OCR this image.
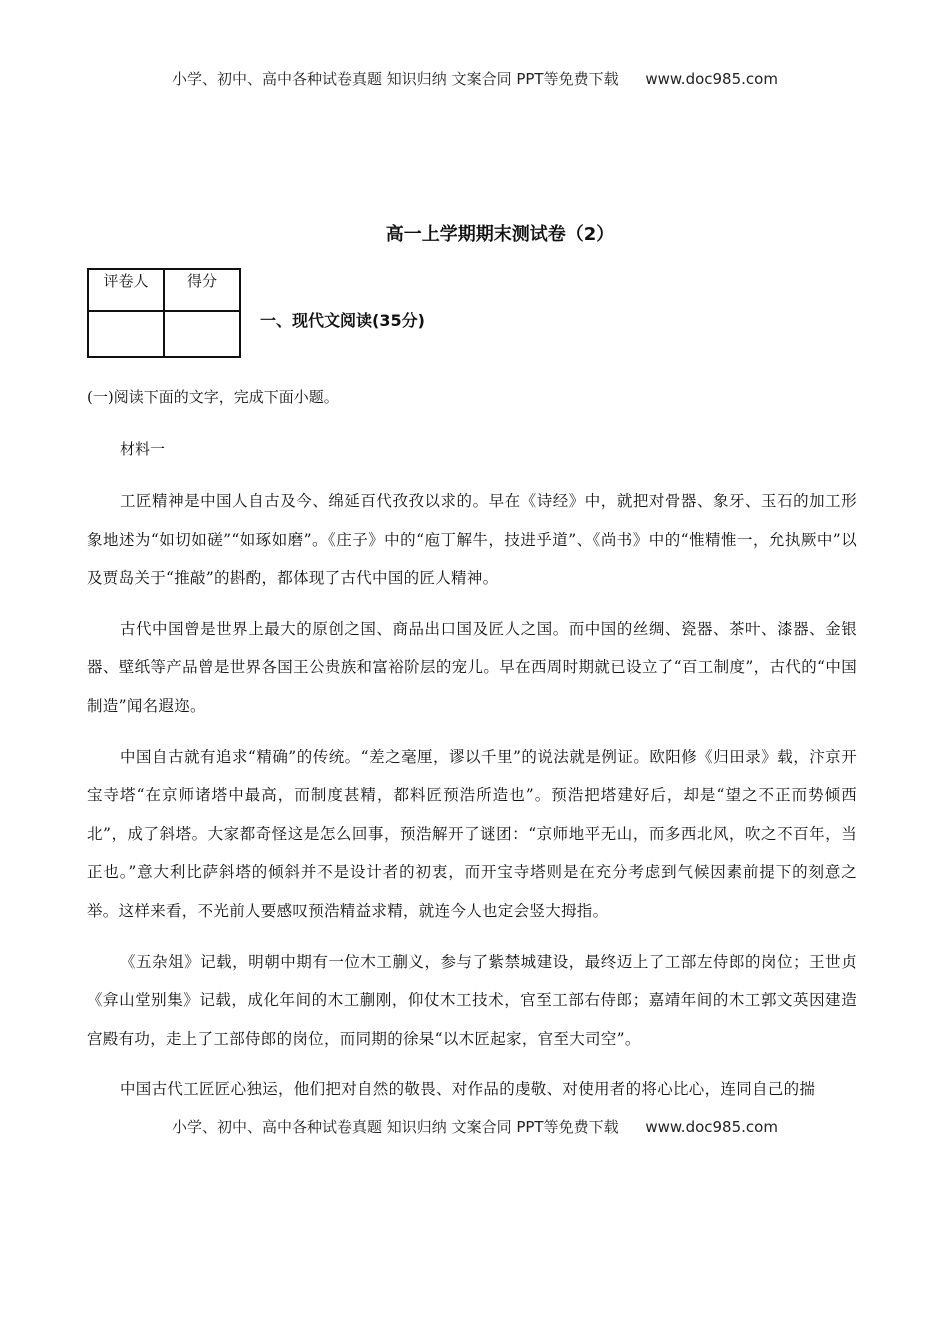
小学、初中、高中各种试卷真题 知识归纳 文案合同 PPT等免费下载 www.doc985.com
高一上学期期末测试卷（2）
评卷人	得分

一、现代文阅读(35分)
(一)阅读下面的文字，完成下面小题。
材料一

工匠精神是中国人自古及今、绵延百代孜孜以求的。早在《诗经》中，就把对骨器、象牙、玉石的加工形象地述为“如切如磋”“如琢如磨”。《庄子》中的“庖丁解牛，技进乎道”、《尚书》中的“惟精惟一，允执厥中”以及贾岛关于“推敲”的斟酌，都体现了古代中国的匠人精神。

古代中国曾是世界上最大的原创之国、商品出口国及匠人之国。而中国的丝绸、瓷器、茶叶、漆器、金银器、壁纸等产品曾是世界各国王公贵族和富裕阶层的宠儿。早在西周时期就已设立了“百工制度”，古代的“中国制造”闻名遐迩。

中国自古就有追求“精确”的传统。“差之毫厘，谬以千里”的说法就是例证。欧阳修《归田录》载，汴京开宝寺塔“在京师诸塔中最高，而制度甚精，都料匠预浩所造也”。预浩把塔建好后，却是“望之不正而势倾西北”，成了斜塔。大家都奇怪这是怎么回事，预浩解开了谜团：“京师地平无山，而多西北风，吹之不百年，当正也。”意大利比萨斜塔的倾斜并不是设计者的初衷，而开宝寺塔则是在充分考虑到气候因素前提下的刻意之举。这样来看，不光前人要感叹预浩精益求精，就连今人也定会竖大拇指。

《五杂俎》记载，明朝中期有一位木工蒯义，参与了紫禁城建设，最终迈上了工部左侍郎的岗位；王世贞《弇山堂别集》记载，成化年间的木工蒯刚，仰仗木工技术，官至工部右侍郎；嘉靖年间的木工郭文英因建造宫殿有功，走上了工部侍郎的岗位，而同期的徐杲“以木匠起家，官至大司空”。

中国古代工匠匠心独运，他们把对自然的敬畏、对作品的虔敬、对使用者的将心比心，连同自己的揣

小学、初中、高中各种试卷真题 知识归纳 文案合同 PPT等免费下载 www.doc985.com
